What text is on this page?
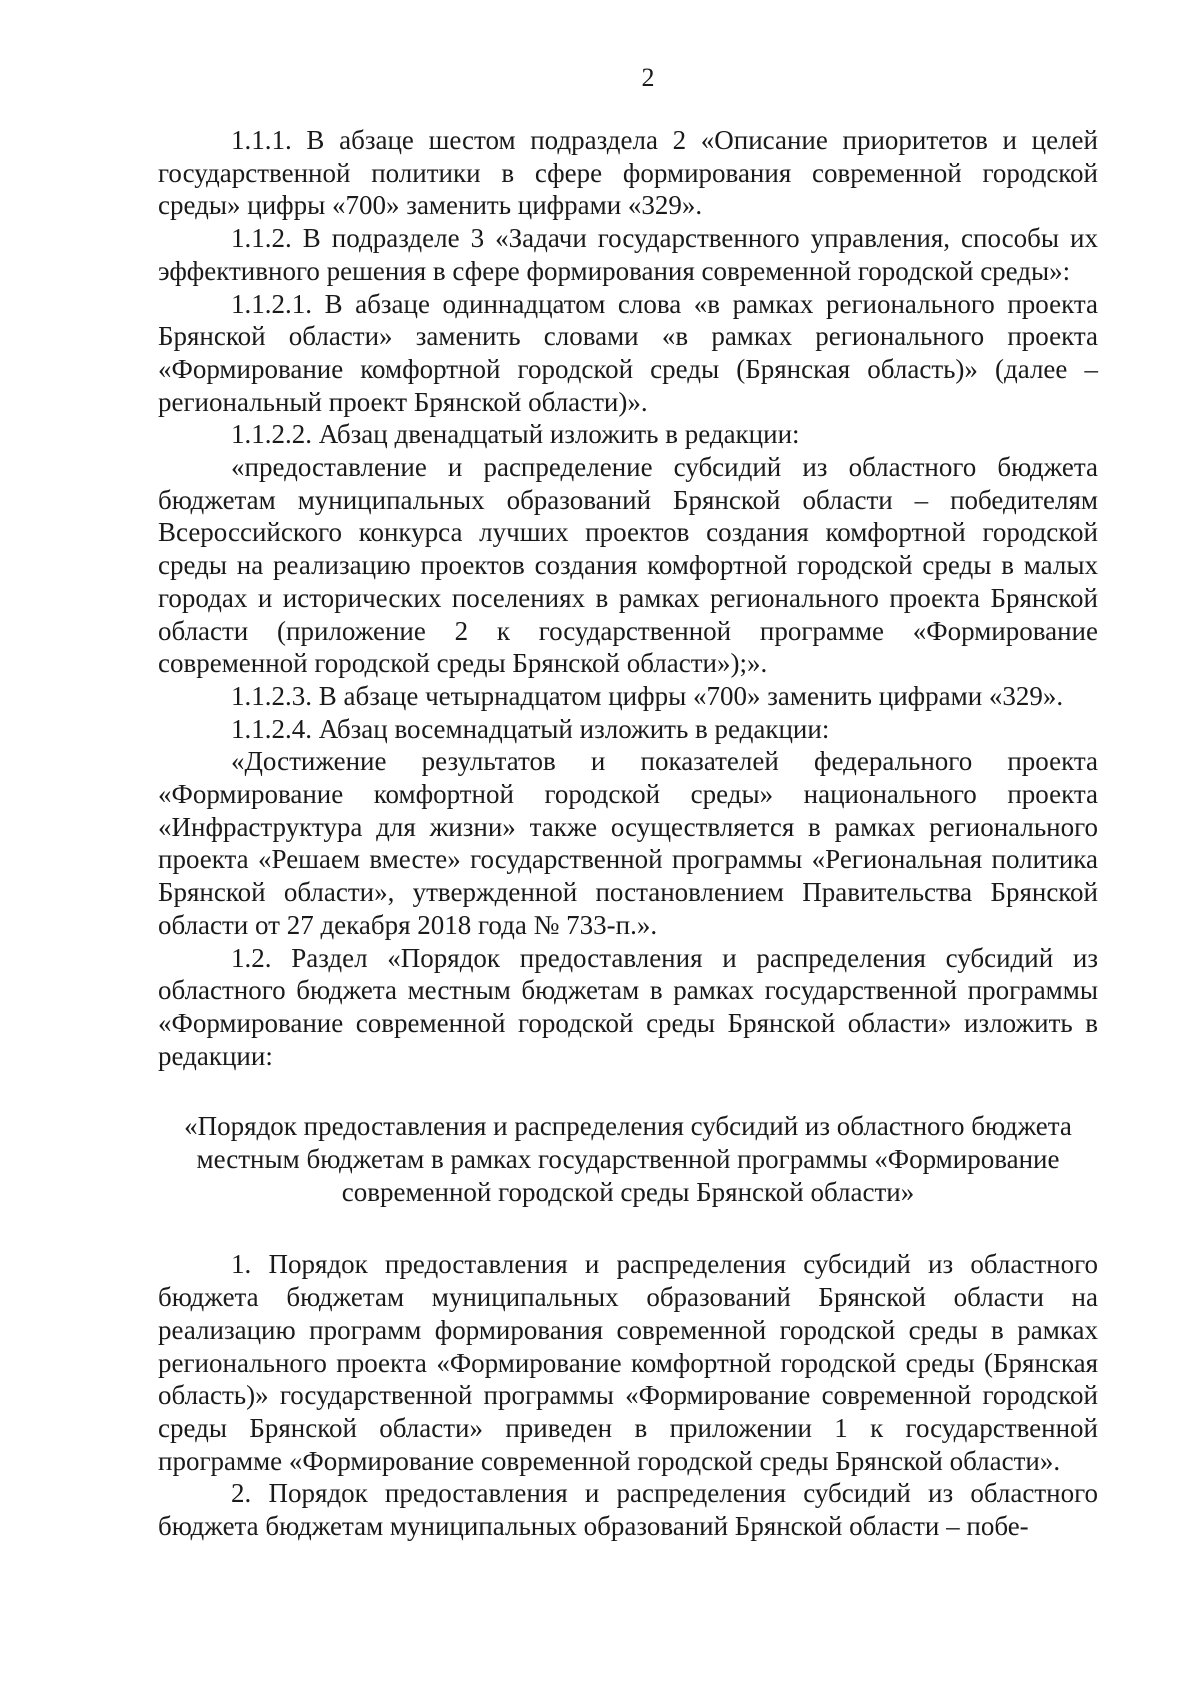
2

1.1.1. В абзаце шестом подраздела 2 «Описание приоритетов и целей государственной политики в сфере формирования современной городской среды» цифры «700» заменить цифрами «329».

1.1.2. В подразделе 3 «Задачи государственного управления, способы их эффективного решения в сфере формирования современной городской среды»:

1.1.2.1. В абзаце одиннадцатом слова «в рамках регионального проекта Брянской области» заменить словами «в рамках регионального проекта «Формирование комфортной городской среды (Брянская область)» (далее – региональный проект Брянской области)».

1.1.2.2. Абзац двенадцатый изложить в редакции:

«предоставление и распределение субсидий из областного бюджета бюджетам муниципальных образований Брянской области – победителям Всероссийского конкурса лучших проектов создания комфортной городской среды на реализацию проектов создания комфортной городской среды в малых городах и исторических поселениях в рамках регионального проекта Брянской области (приложение 2 к государственной программе «Формирование современной городской среды Брянской области»);».

1.1.2.3. В абзаце четырнадцатом цифры «700» заменить цифрами «329».

1.1.2.4. Абзац восемнадцатый изложить в редакции:

«Достижение результатов и показателей федерального проекта «Формирование комфортной городской среды» национального проекта «Инфраструктура для жизни» также осуществляется в рамках регионального проекта «Решаем вместе» государственной программы «Региональная политика Брянской области», утвержденной постановлением Правительства Брянской области от 27 декабря 2018 года № 733-п.».

1.2. Раздел «Порядок предоставления и распределения субсидий из областного бюджета местным бюджетам в рамках государственной программы «Формирование современной городской среды Брянской области» изложить в редакции:

«Порядок предоставления и распределения субсидий из областного бюджета
местным бюджетам в рамках государственной программы «Формирование
современной городской среды Брянской области»

1. Порядок предоставления и распределения субсидий из областного бюджета бюджетам муниципальных образований Брянской области на реализацию программ формирования современной городской среды в рамках регионального проекта «Формирование комфортной городской среды (Брянская область)» государственной программы «Формирование современной городской среды Брянской области» приведен в приложении 1 к государственной программе «Формирование современной городской среды Брянской области».

2. Порядок предоставления и распределения субсидий из областного бюджета бюджетам муниципальных образований Брянской области – побе-
